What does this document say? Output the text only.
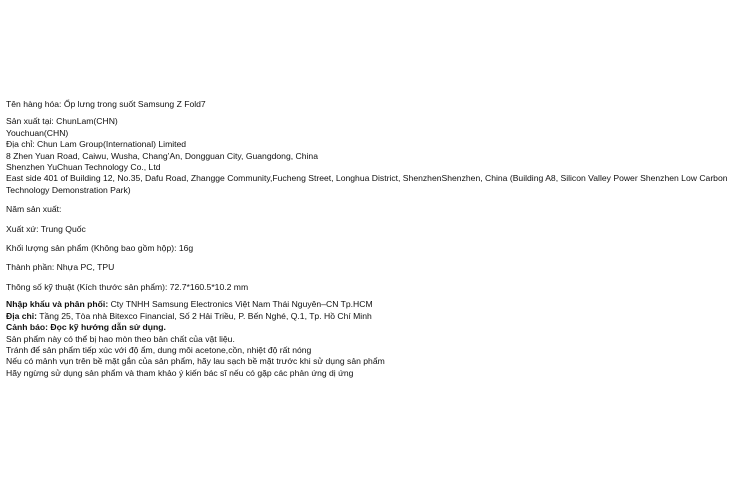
Tên hàng hóa: Ốp lưng trong suốt Samsung Z Fold7
Sản xuất tại: ChunLam(CHN)
Youchuan(CHN)
Địa chỉ: Chun Lam Group(International) Limited
8 Zhen Yuan Road, Caiwu, Wusha, Chang’An, Dongguan City, Guangdong, China
Shenzhen YuChuan Technology Co., Ltd
East side 401 of Building 12, No.35, Dafu Road, Zhangge Community,Fucheng Street, Longhua District, ShenzhenShenzhen, China (Building A8, Silicon Valley Power Shenzhen Low Carbon Technology Demonstration Park)
Năm sản xuất:
Xuất xứ: Trung Quốc
Khối lượng sản phẩm (Không bao gồm hộp): 16g
Thành phần: Nhựa PC, TPU
Thông số kỹ thuật (Kích thước sản phẩm): 72.7*160.5*10.2 mm
Nhập khẩu và phân phối: Cty TNHH Samsung Electronics Việt Nam Thái Nguyên–CN Tp.HCM
Địa chỉ: Tầng 25, Tòa nhà Bitexco Financial, Số 2 Hải Triều, P. Bến Nghé, Q.1, Tp. Hồ Chí Minh
Cảnh báo: Đọc kỹ hướng dẫn sử dụng.
Sản phẩm này có thể bị hao mòn theo bản chất của vật liệu.
Tránh để sản phẩm tiếp xúc với độ ẩm, dung môi acetone,cồn, nhiệt độ rất nóng
Nếu có mảnh vụn trên bề mặt gắn của sản phẩm, hãy lau sạch bề mặt trước khi sử dụng sản phẩm
Hãy ngừng sử dụng sản phẩm và tham khảo ý kiến bác sĩ nếu có gặp các phản ứng dị ứng
